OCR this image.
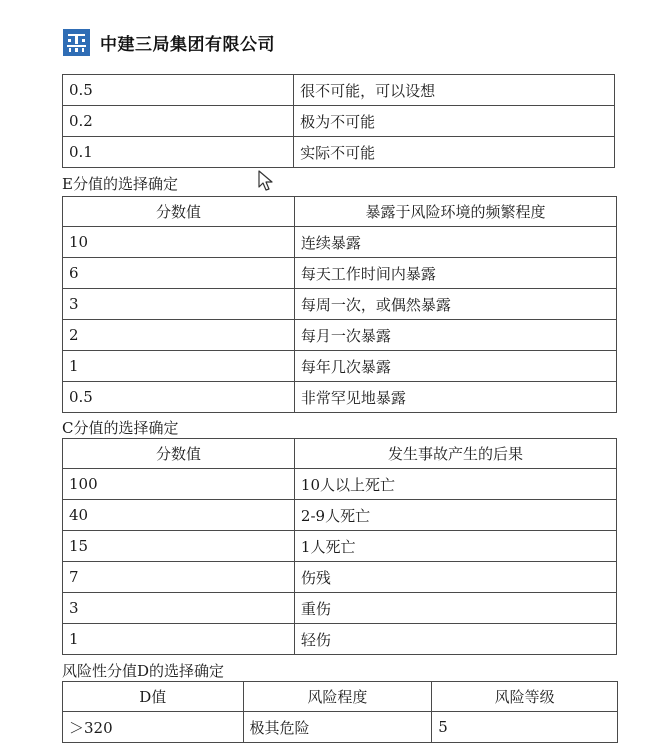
中建三局集团有限公司
0.5	很不可能，可以设想
0.2	极为不可能
0.1	实际不可能
E分值的选择确定
分数值	暴露于风险环境的频繁程度
10	连续暴露
6	每天工作时间内暴露
3	每周一次，或偶然暴露
2	每月一次暴露
1	每年几次暴露
0.5	非常罕见地暴露
C分值的选择确定
分数值	发生事故产生的后果
100	10人以上死亡
40	2-9人死亡
15	1人死亡
7	伤残
3	重伤
1	轻伤
风险性分值D的选择确定
D值	风险程度	风险等级
＞320	极其危险	5
